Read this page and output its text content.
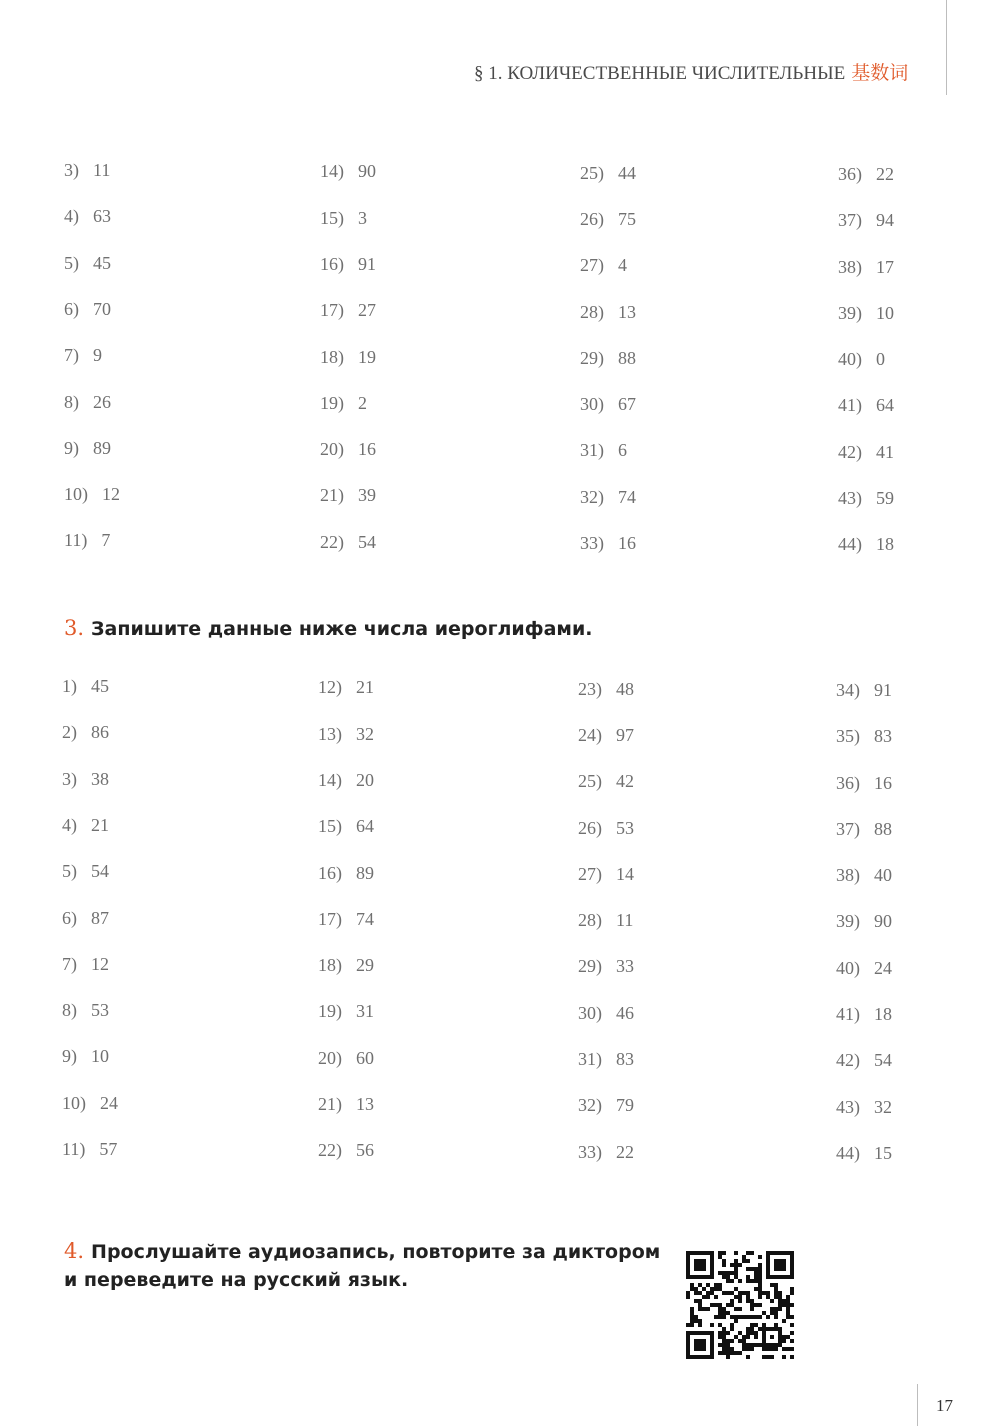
§ 1. КОЛИЧЕСТВЕННЫЕ ЧИСЛИТЕЛЬНЫЕ 基数词
3) 11
4) 63
5) 45
6) 70
7) 9
8) 26
9) 89
10) 12
11) 7
14) 90
15) 3
16) 91
17) 27
18) 19
19) 2
20) 16
21) 39
22) 54
25) 44
26) 75
27) 4
28) 13
29) 88
30) 67
31) 6
32) 74
33) 16
36) 22
37) 94
38) 17
39) 10
40) 0
41) 64
42) 41
43) 59
44) 18
3. Запишите данные ниже числа иероглифами.
1) 45
2) 86
3) 38
4) 21
5) 54
6) 87
7) 12
8) 53
9) 10
10) 24
11) 57
12) 21
13) 32
14) 20
15) 64
16) 89
17) 74
18) 29
19) 31
20) 60
21) 13
22) 56
23) 48
24) 97
25) 42
26) 53
27) 14
28) 11
29) 33
30) 46
31) 83
32) 79
33) 22
34) 91
35) 83
36) 16
37) 88
38) 40
39) 90
40) 24
41) 18
42) 54
43) 32
44) 15
4. Прослушайте аудиозапись, повторите за диктором
и переведите на русский язык.
17
